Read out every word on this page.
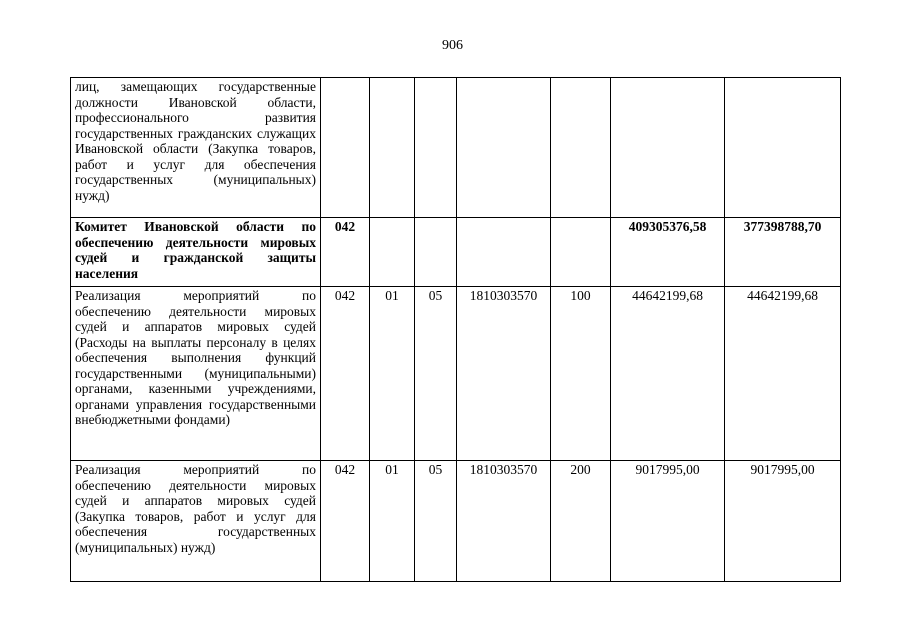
906
лиц, замещающих государственные должности Ивановской области, профессионального развития государственных гражданских служащих Ивановской области (Закупка товаров, работ и услуг для обеспечения государственных (муниципальных) нужд)							
Комитет Ивановской области по обеспечению деятельности мировых судей и гражданской защиты населения	042					409305376,58	377398788,70
Реализация мероприятий по обеспечению деятельности мировых судей и аппаратов мировых судей (Расходы на выплаты персоналу в целях обеспечения выполнения функций государственными (муниципальными) органами, казенными учреждениями, органами управления государственными внебюджетными фондами)	042	01	05	1810303570	100	44642199,68	44642199,68
Реализация мероприятий по обеспечению деятельности мировых судей и аппаратов мировых судей (Закупка товаров, работ и услуг для обеспечения государственных (муниципальных) нужд)	042	01	05	1810303570	200	9017995,00	9017995,00
